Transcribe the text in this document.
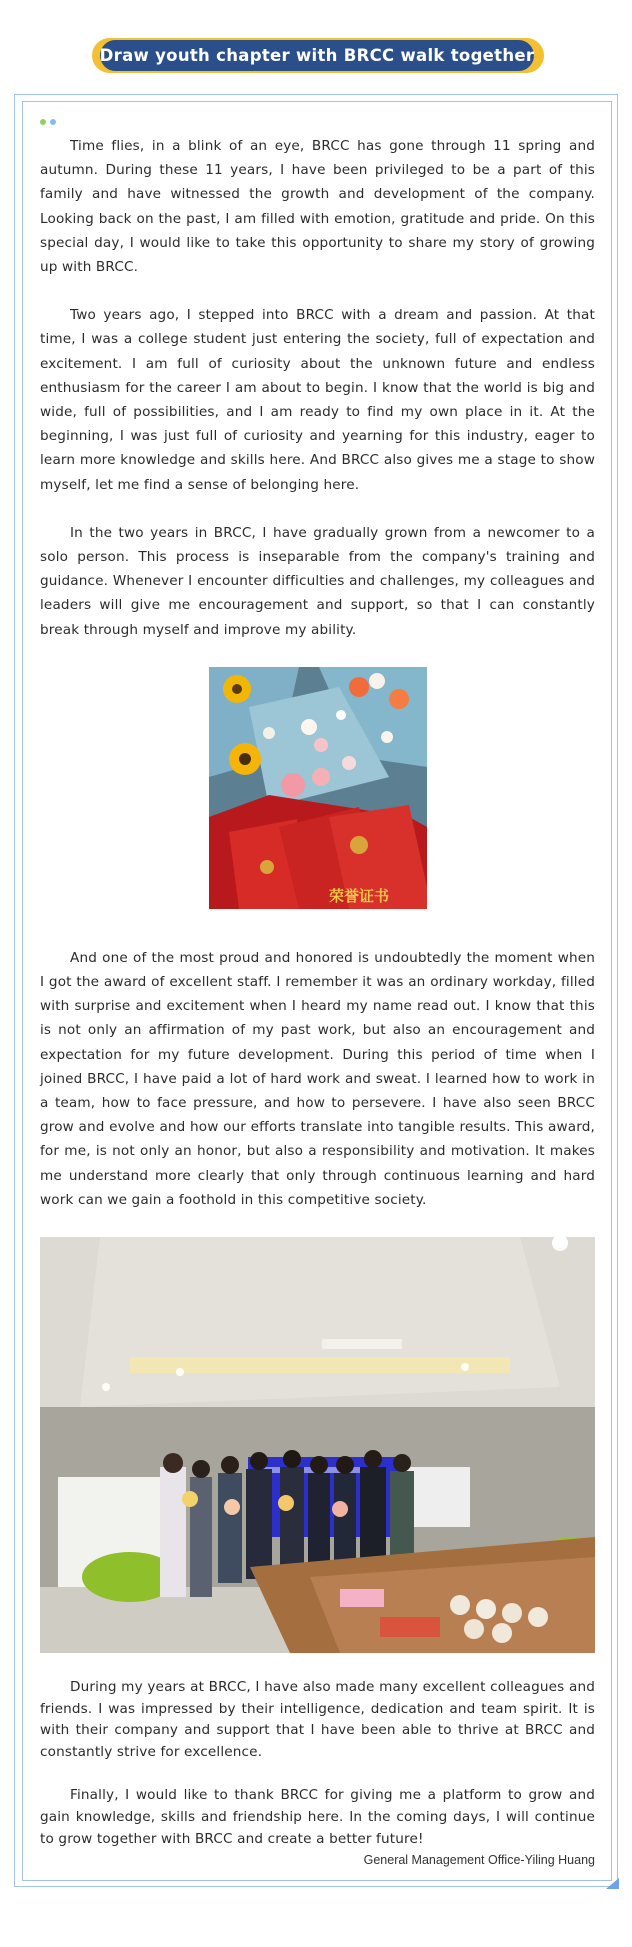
Draw youth chapter with BRCC walk together

Time flies, in a blink of an eye, BRCC has gone through 11 spring and autumn. During these 11 years, I have been privileged to be a part of this family and have witnessed the growth and development of the company. Looking back on the past, I am filled with emotion, gratitude and pride. On this special day, I would like to take this opportunity to share my story of growing up with BRCC.

Two years ago, I stepped into BRCC with a dream and passion. At that time, I was a college student just entering the society, full of expectation and excitement. I am full of curiosity about the unknown future and endless enthusiasm for the career I am about to begin. I know that the world is big and wide, full of possibilities, and I am ready to find my own place in it. At the beginning, I was just full of curiosity and yearning for this industry, eager to learn more knowledge and skills here. And BRCC also gives me a stage to show myself, let me find a sense of belonging here.

In the two years in BRCC, I have gradually grown from a newcomer to a solo person. This process is inseparable from the company's training and guidance. Whenever I encounter difficulties and challenges, my colleagues and leaders will give me encouragement and support, so that I can constantly break through myself and improve my ability.

荣誉证书

And one of the most proud and honored is undoubtedly the moment when I got the award of excellent staff. I remember it was an ordinary workday, filled with surprise and excitement when I heard my name read out. I know that this is not only an affirmation of my past work, but also an encouragement and expectation for my future development. During this period of time when I joined BRCC, I have paid a lot of hard work and sweat. I learned how to work in a team, how to face pressure, and how to persevere. I have also seen BRCC grow and evolve and how our efforts translate into tangible results. This award, for me, is not only an honor, but also a responsibility and motivation. It makes me understand more clearly that only through continuous learning and hard work can we gain a foothold in this competitive society.

During my years at BRCC, I have also made many excellent colleagues and friends. I was impressed by their intelligence, dedication and team spirit. It is with their company and support that I have been able to thrive at BRCC and constantly strive for excellence.

Finally, I would like to thank BRCC for giving me a platform to grow and gain knowledge, skills and friendship here. In the coming days, I will continue to grow together with BRCC and create a better future!

General Management Office-Yiling Huang
